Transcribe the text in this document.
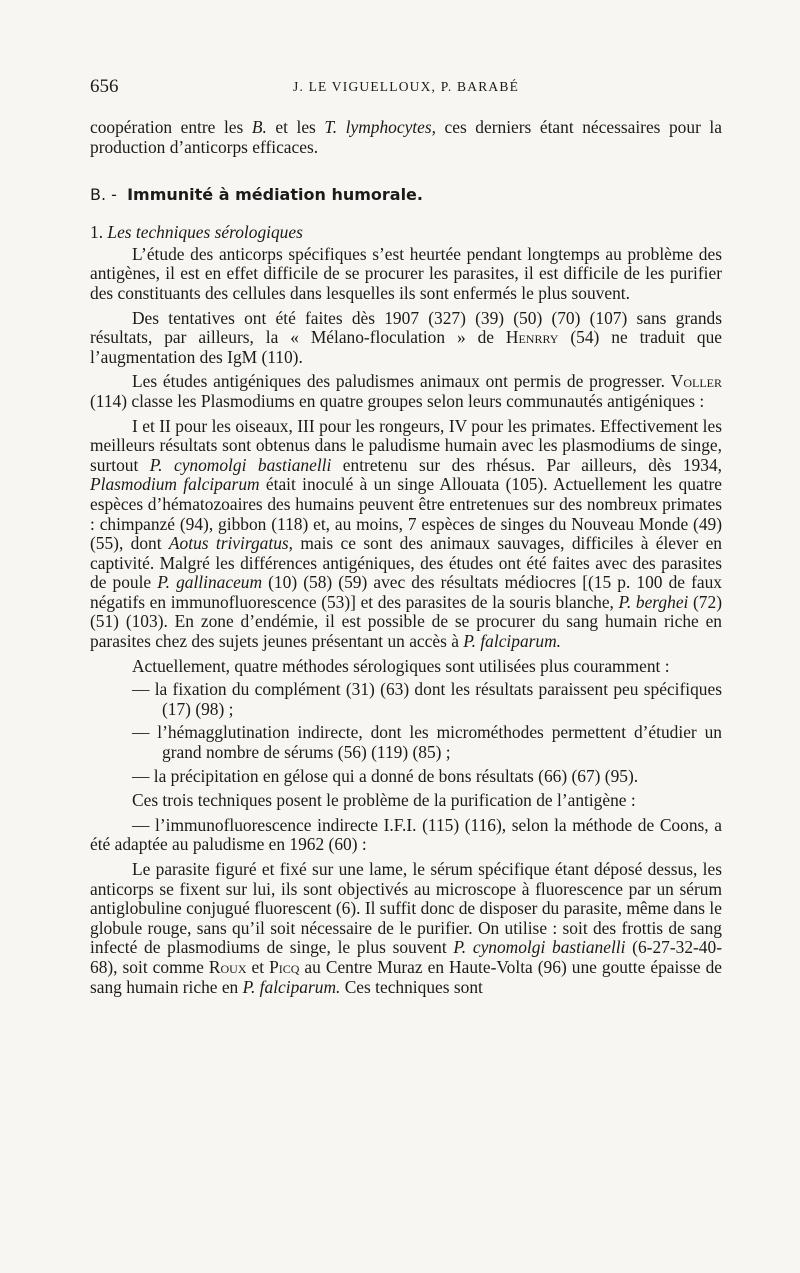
656	J. LE VIGUELLOUX, P. BARABÉ

coopération entre les B. et les T. lymphocytes, ces derniers étant nécessaires pour la production d’anticorps efficaces.

B. - Immunité à médiation humorale.

1. Les techniques sérologiques

L’étude des anticorps spécifiques s’est heurtée pendant longtemps au problème des antigènes, il est en effet difficile de se procurer les parasites, il est difficile de les purifier des constituants des cellules dans lesquelles ils sont enfermés le plus souvent.

Des tentatives ont été faites dès 1907 (327) (39) (50) (70) (107) sans grands résultats, par ailleurs, la « Mélano-floculation » de Henrry (54) ne traduit que l’augmentation des IgM (110).

Les études antigéniques des paludismes animaux ont permis de progresser. Voller (114) classe les Plasmodiums en quatre groupes selon leurs communautés antigéniques :

I et II pour les oiseaux, III pour les rongeurs, IV pour les primates. Effectivement les meilleurs résultats sont obtenus dans le paludisme humain avec les plasmodiums de singe, surtout P. cynomolgi bastianelli entretenu sur des rhésus. Par ailleurs, dès 1934, Plasmodium falciparum était inoculé à un singe Allouata (105). Actuellement les quatre espèces d’hématozoaires des humains peuvent être entretenues sur des nombreux primates : chimpanzé (94), gibbon (118) et, au moins, 7 espèces de singes du Nouveau Monde (49) (55), dont Aotus trivirgatus, mais ce sont des animaux sauvages, difficiles à élever en captivité. Malgré les différences antigéniques, des études ont été faites avec des parasites de poule P. gallinaceum (10) (58) (59) avec des résultats médiocres [(15 p. 100 de faux négatifs en immunofluorescence (53)] et des parasites de la souris blanche, P. berghei (72) (51) (103). En zone d’endémie, il est possible de se procurer du sang humain riche en parasites chez des sujets jeunes présentant un accès à P. falciparum.

Actuellement, quatre méthodes sérologiques sont utilisées plus couramment :

— la fixation du complément (31) (63) dont les résultats paraissent peu spécifiques (17) (98) ;

— l’hémagglutination indirecte, dont les microméthodes permettent d’étudier un grand nombre de sérums (56) (119) (85) ;

— la précipitation en gélose qui a donné de bons résultats (66) (67) (95).

Ces trois techniques posent le problème de la purification de l’antigène :

— l’immunofluorescence indirecte I.F.I. (115) (116), selon la méthode de Coons, a été adaptée au paludisme en 1962 (60) :

Le parasite figuré et fixé sur une lame, le sérum spécifique étant déposé dessus, les anticorps se fixent sur lui, ils sont objectivés au microscope à fluorescence par un sérum antiglobuline conjugué fluorescent (6). Il suffit donc de disposer du parasite, même dans le globule rouge, sans qu’il soit nécessaire de le purifier. On utilise : soit des frottis de sang infecté de plasmodiums de singe, le plus souvent P. cynomolgi bastianelli (6-27-32-40-68), soit comme Roux et Picq au Centre Muraz en Haute-Volta (96) une goutte épaisse de sang humain riche en P. falciparum. Ces techniques sont
